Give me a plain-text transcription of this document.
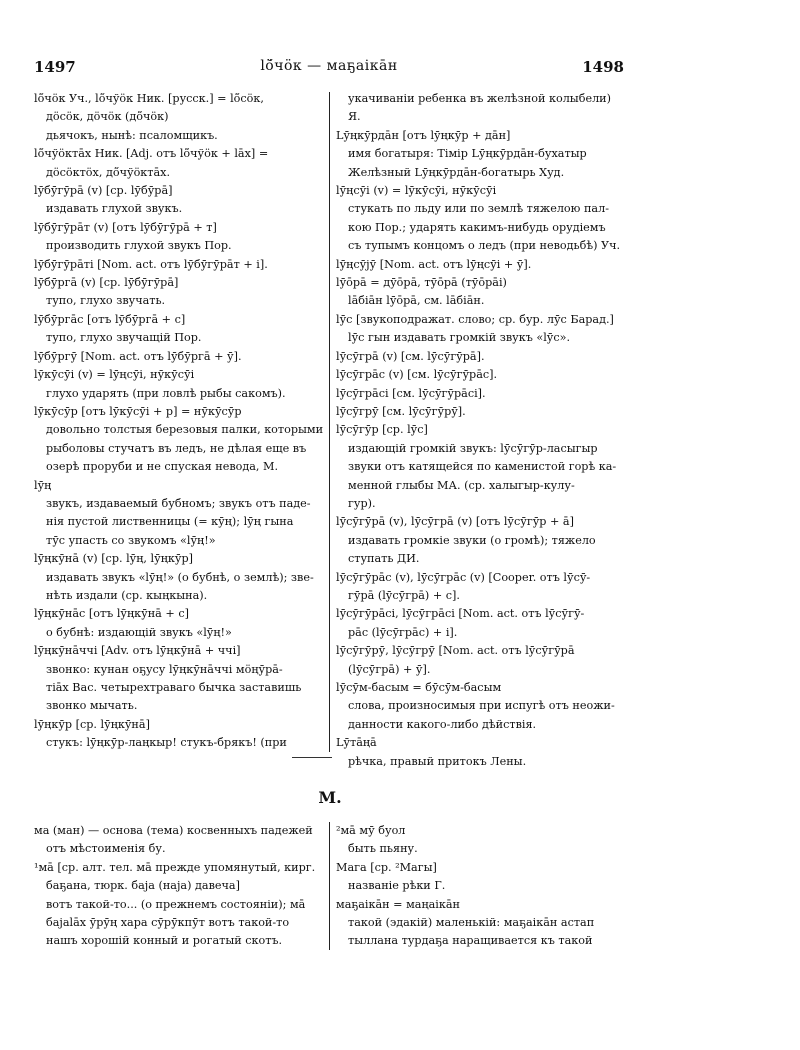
1497	lö̆чöк — маҕаікāн	1498
lö̆чöк Уч., lö̆чўöк Ник. [русск.] = lö̆сöк,
дöсöк, дöчöк (дö̆чöк)
дьячокъ, нынѣ: псаломщикъ.
lö̆чўöктāх Ник. [Adj. отъ lö̆чўöк + lāх] =
дöсöктöх, дö̆чўöктāх.
lӯбӯгӯрā (v) [ср. lӯбӯрā]
издавать глухой звукъ.
lӯбӯгӯрāт (v) [отъ lӯбӯгӯрā + т]
производить глухой звукъ Пор.
lӯбӯгӯрāті [Nom. act. отъ lӯбӯгӯрāт + і].
lӯбӯргā (v) [ср. lӯбӯгӯрā]
тупо, глухо звучать.
lӯбӯргāс [отъ lӯбӯргā + с]
тупо, глухо звучащій Пор.
lӯбӯргӯ [Nom. act. отъ lӯбӯргā + ӯ].
lӯкӯсӯі (v) = lӯңсӯі, нӯкӯсӯі
глухо ударять (при ловлѣ рыбы сакомъ).
lӯкӯсӯр [отъ lӯкӯсӯі + р] = нӯкӯсӯр
довольно толстыя березовыя палки, которыми
рыболовы стучатъ въ ледъ, не дѣлая еще въ
озерѣ проруби и не спуская невода, М.
lӯң
звукъ, издаваемый бубномъ; звукъ отъ паде-
нія пустой лиственницы (= кӯң); lӯң гына
тӯс упасть со звукомъ «lӯң!»
lӯңкӯнā (v) [ср. lӯң, lӯңкӯр]
издавать звукъ «lӯң!» (о бубнѣ, о землѣ); зве-
нѣть издали (ср. кыңкына).
lӯңкӯнāс [отъ lӯңкӯнā + с]
о бубнѣ: издающій звукъ «lӯң!»
lӯңкӯнāччі [Adv. отъ lӯңкӯнā + ччі]
звонко: кунан оҕусу lӯңкӯнāччі мöңӯрā-
тіāх Вас. четырехтраваго бычка заставишь
звонко мычать.
lӯңкӯр [ср. lӯңкӯнā]
стукъ: lӯңкӯр-лаңкыр! стукъ-брякъ! (при
укачиваніи ребенка въ желѣзной колыбели) Я.
Lӯңкӯрдāн [отъ lӯңкӯр + дāн]
имя богатыря: Тімір Lӯңкӯрдāн-бухатыр
Желѣзный Lӯңкӯрдāн-богатырь Худ.
lӯңсӯі (v) = lӯкӯсӯі, нӯкӯсӯі
стукать по льду или по землѣ тяжелою пал-
кою Пор.; ударять какимъ-нибудь орудіемъ
съ тупымъ концомъ о ледъ (при неводьбѣ) Уч.
lӯңсӯјӯ [Nom. act. отъ lӯңсӯі + ӯ].
lӯōрā = дӯōрā, тӯōрā (тӯōрāі)
lāбіāн lӯōрā, см. lāбіāн.
lӯс [звукоподражат. слово; ср. бур. лӯс Барад.]
lӯс гын издавать громкій звукъ «lӯс».
lӯсӯгрā (v) [см. lӯсӯгӯрā].
lӯсӯгрāс (v) [см. lӯсӯгӯрāс].
lӯсӯгрāсі [см. lӯсӯгӯрāсі].
lӯсӯгрӯ [см. lӯсӯгӯрӯ].
lӯсӯгӯр [ср. lӯс]
издающій громкій звукъ: lӯсӯгӯр-ласыгыр
звуки отъ катящейся по каменистой горѣ ка-
менной глыбы МА. (ср. халыгыр-кулу-
гур).
lӯсӯгӯрā (v), lӯсӯгрā (v) [отъ lӯсӯгӯр + ā]
издавать громкіе звуки (о громѣ); тяжело
ступать ДИ.
lӯсӯгӯрāс (v), lӯсӯгрāс (v) [Cooper. отъ lӯсӯ-
гӯрā (lӯсӯгрā) + с].
lӯсӯгӯрāсі, lӯсӯгрāсі [Nom. act. отъ lӯсӯгӯ-
рāс (lӯсӯгрāс) + і].
lӯсӯгӯрӯ, lӯсӯгрӯ [Nom. act. отъ lӯсӯгӯрā
(lӯсӯгрā) + ӯ].
lӯсӯм-басым = бӯсӯм-басым
слова, произносимыя при испугѣ отъ неожи-
данности какого-либо дѣйствія.
Lӯтāңā
рѣчка, правый притокъ Лены.
М.
ма (ман) — основа (тема) косвенныхъ падежей
отъ мѣстоименія бу.
¹мā [ср. алт. тел. мā прежде упомянутый, кирг.
баҕана, тюрк. баја (наја) давеча]
вотъ такой-то... (о прежнемъ состояніи); мā
бајаlāх ӯрӯң хара сӯрӯкпӯт вотъ такой-то
нашъ хорошій конный и рогатый скотъ.
²мā мӯ буол
быть пьяну.
Мага [ср. ²Магы]
названіе рѣки Г.
маҕаікāн = маңаікāн
такой (эдакій) маленькій: маҕаікāн астап
тыллана турдаҕа наращивается къ такой
